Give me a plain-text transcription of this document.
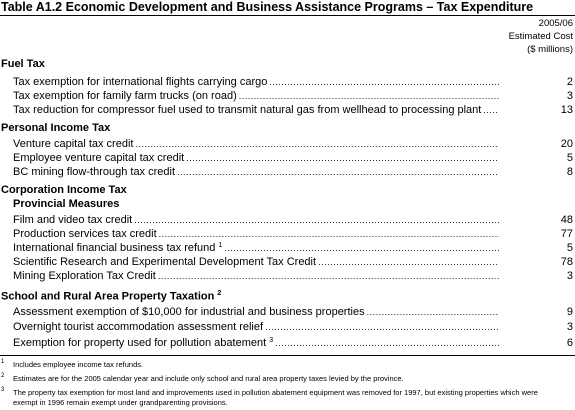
Table A1.2 Economic Development and Business Assistance Programs – Tax Expenditure
2005/06
Estimated Cost
($ millions)
Fuel Tax
Tax exemption for international flights carrying cargo .....	2
Tax exemption for family farm trucks (on road) .....	3
Tax reduction for compressor fuel used to transmit natural gas from wellhead to processing plant .....	13
Personal Income Tax
Venture capital tax credit .....	20
Employee venture capital tax credit .....	5
BC mining flow-through tax credit .....	8
Corporation Income Tax
Provincial Measures
Film and video tax credit .....	48
Production services tax credit .....	77
International financial business tax refund $^1$ .....	5
Scientific Research and Experimental Development Tax Credit .....	78
Mining Exploration Tax Credit .....	3
School and Rural Area Property Taxation $^2$
Assessment exemption of $10,000 for industrial and business properties .....	9
Overnight tourist accommodation assessment relief .....	3
Exemption for property used for pollution abatement $^3$ .....	6
1 Includes employee income tax refunds.
2 Estimates are for the 2005 calendar year and include only school and rural area property taxes levied by the province.
3 The property tax exemption for most land and improvements used in pollution abatement equipment was removed for 1997, but existing properties which were exempt in 1996 remain exempt under grandparenting provisions.
